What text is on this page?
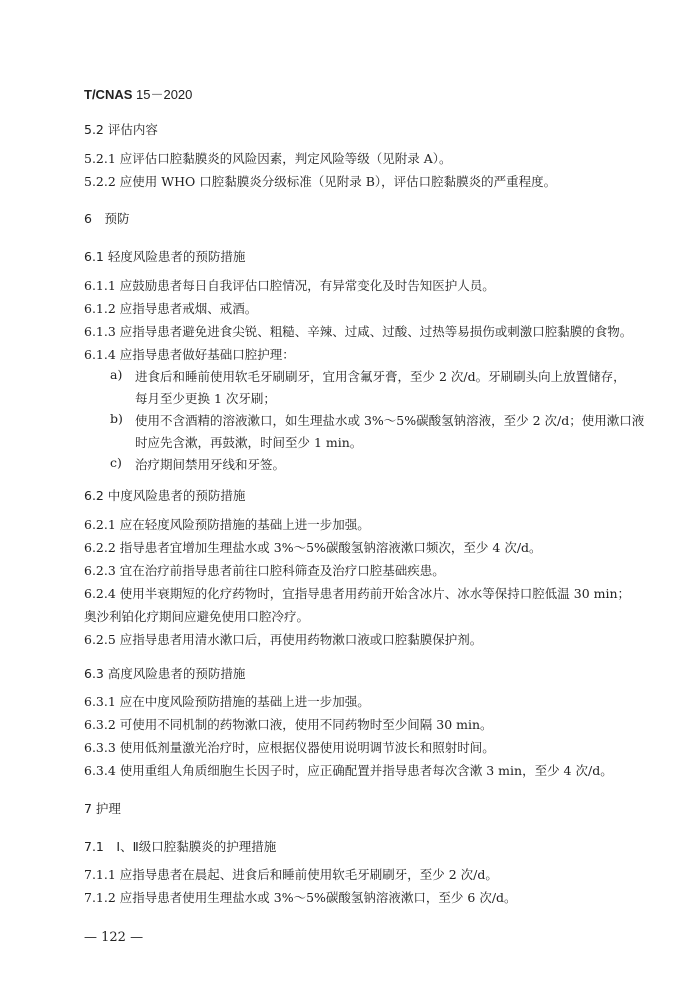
T/CNAS 15－2020
5.2 评估内容
5.2.1 应评估口腔黏膜炎的风险因素，判定风险等级（见附录 A）。
5.2.2 应使用 WHO 口腔黏膜炎分级标准（见附录 B），评估口腔黏膜炎的严重程度。
6　预防
6.1 轻度风险患者的预防措施
6.1.1 应鼓励患者每日自我评估口腔情况，有异常变化及时告知医护人员。
6.1.2 应指导患者戒烟、戒酒。
6.1.3 应指导患者避免进食尖锐、粗糙、辛辣、过咸、过酸、过热等易损伤或刺激口腔黏膜的食物。
6.1.4 应指导患者做好基础口腔护理：
a) 进食后和睡前使用软毛牙刷刷牙，宜用含氟牙膏，至少 2 次/d。牙刷刷头向上放置储存，
每月至少更换 1 次牙刷；
b) 使用不含酒精的溶液漱口，如生理盐水或 3%～5%碳酸氢钠溶液，至少 2 次/d；使用漱口液
时应先含漱，再鼓漱，时间至少 1 min。
c) 治疗期间禁用牙线和牙签。
6.2 中度风险患者的预防措施
6.2.1 应在轻度风险预防措施的基础上进一步加强。
6.2.2 指导患者宜增加生理盐水或 3%～5%碳酸氢钠溶液漱口频次，至少 4 次/d。
6.2.3 宜在治疗前指导患者前往口腔科筛查及治疗口腔基础疾患。
6.2.4 使用半衰期短的化疗药物时，宜指导患者用药前开始含冰片、冰水等保持口腔低温 30 min；
奥沙利铂化疗期间应避免使用口腔冷疗。
6.2.5 应指导患者用清水漱口后，再使用药物漱口液或口腔黏膜保护剂。
6.3 高度风险患者的预防措施
6.3.1 应在中度风险预防措施的基础上进一步加强。
6.3.2 可使用不同机制的药物漱口液，使用不同药物时至少间隔 30 min。
6.3.3 使用低剂量激光治疗时，应根据仪器使用说明调节波长和照射时间。
6.3.4 使用重组人角质细胞生长因子时，应正确配置并指导患者每次含漱 3 min，至少 4 次/d。
7 护理
7.1　Ⅰ、Ⅱ级口腔黏膜炎的护理措施
7.1.1 应指导患者在晨起、进食后和睡前使用软毛牙刷刷牙，至少 2 次/d。
7.1.2 应指导患者使用生理盐水或 3%～5%碳酸氢钠溶液漱口，至少 6 次/d。
— 122 —
